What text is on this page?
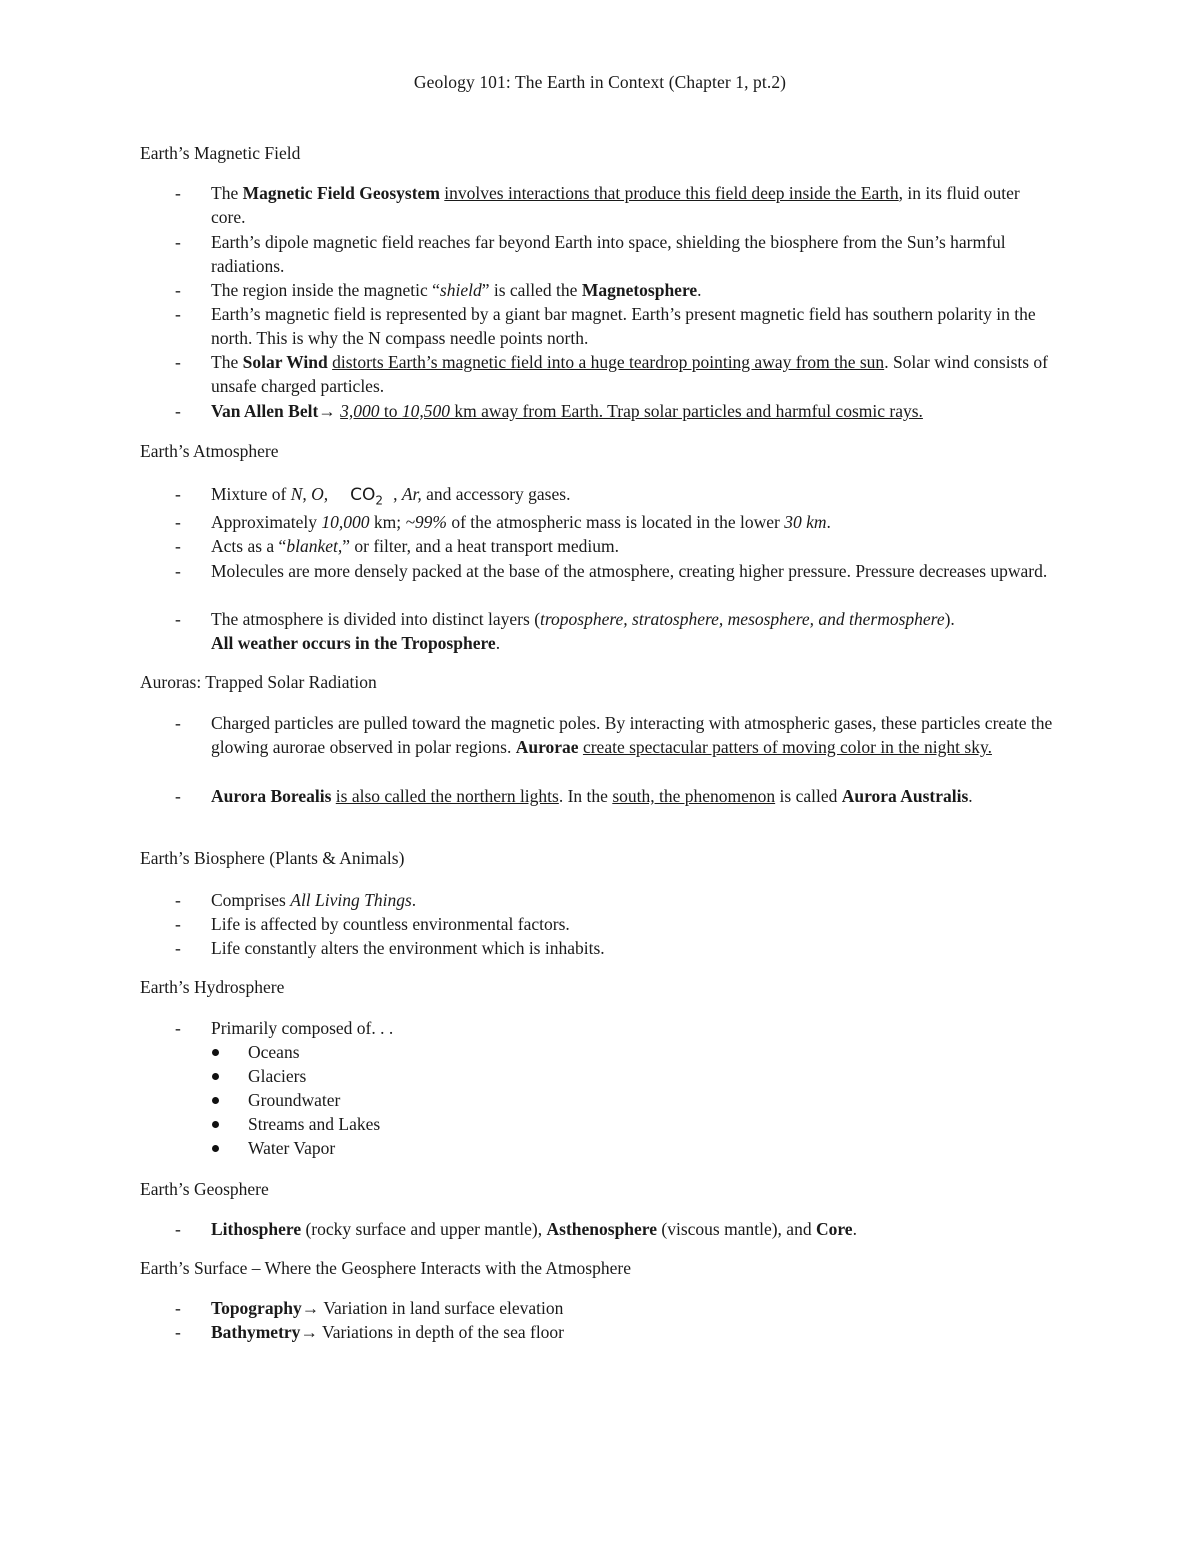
Geology 101: The Earth in Context (Chapter 1, pt.2)
Earth’s Magnetic Field
-	The Magnetic Field Geosystem involves interactions that produce this field deep inside the Earth, in its fluid outer core.
-	Earth’s dipole magnetic field reaches far beyond Earth into space, shielding the biosphere from the Sun’s harmful radiations.
-	The region inside the magnetic “shield” is called the Magnetosphere.
-	Earth’s magnetic field is represented by a giant bar magnet. Earth’s present magnetic field has southern polarity in the north. This is why the N compass needle points north.
-	The Solar Wind distorts Earth’s magnetic field into a huge teardrop pointing away from the sun. Solar wind consists of unsafe charged particles.
-	Van Allen Belt→ 3,000 to 10,500 km away from Earth. Trap solar particles and harmful cosmic rays.
Earth’s Atmosphere
-	Mixture of N, O, $CO_2$ , Ar, and accessory gases.
-	Approximately 10,000 km; ~99% of the atmospheric mass is located in the lower 30 km.
-	Acts as a “blanket,” or filter, and a heat transport medium.
-	Molecules are more densely packed at the base of the atmosphere, creating higher pressure. Pressure decreases upward.
-	The atmosphere is divided into distinct layers (troposphere, stratosphere, mesosphere, and thermosphere).
All weather occurs in the Troposphere.
Auroras: Trapped Solar Radiation
-	Charged particles are pulled toward the magnetic poles. By interacting with atmospheric gases, these particles create the glowing aurorae observed in polar regions. Aurorae create spectacular patters of moving color in the night sky.
-	Aurora Borealis is also called the northern lights. In the south, the phenomenon is called Aurora Australis.
Earth’s Biosphere (Plants & Animals)
-	Comprises All Living Things.
-	Life is affected by countless environmental factors.
-	Life constantly alters the environment which is inhabits.
Earth’s Hydrosphere
-	Primarily composed of. . .
Oceans
Glaciers
Groundwater
Streams and Lakes
Water Vapor
Earth’s Geosphere
-	Lithosphere (rocky surface and upper mantle), Asthenosphere (viscous mantle), and Core.
Earth’s Surface – Where the Geosphere Interacts with the Atmosphere
-	Topography→ Variation in land surface elevation
-	Bathymetry→ Variations in depth of the sea floor
